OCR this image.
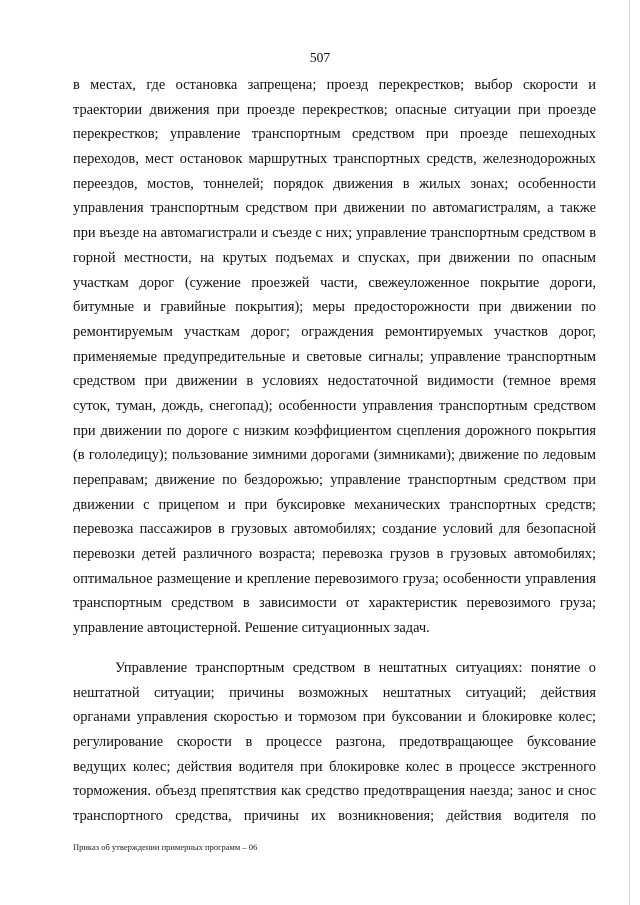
507
в местах, где остановка запрещена; проезд перекрестков; выбор скорости и
траектории движения при проезде перекрестков; опасные ситуации при проезде
перекрестков; управление транспортным средством при проезде пешеходных
переходов, мест остановок маршрутных транспортных средств, железнодорожных
переездов, мостов, тоннелей; порядок движения в жилых зонах; особенности
управления транспортным средством при движении по автомагистралям, а также
при въезде на автомагистрали и съезде с них; управление транспортным средством в
горной местности, на крутых подъемах и спусках, при движении по опасным
участкам дорог (сужение проезжей части, свежеуложенное покрытие дороги,
битумные и гравийные покрытия); меры предосторожности при движении по
ремонтируемым участкам дорог; ограждения ремонтируемых участков дорог,
применяемые предупредительные и световые сигналы; управление транспортным
средством при движении в условиях недостаточной видимости (темное время
суток, туман, дождь, снегопад); особенности управления транспортным средством
при движении по дороге с низким коэффициентом сцепления дорожного покрытия
(в гололедицу); пользование зимними дорогами (зимниками); движение по ледовым
переправам; движение по бездорожью; управление транспортным средством при
движении с прицепом и при буксировке механических транспортных средств;
перевозка пассажиров в грузовых автомобилях; создание условий для безопасной
перевозки детей различного возраста; перевозка грузов в грузовых автомобилях;
оптимальное размещение и крепление перевозимого груза; особенности управления
транспортным средством в зависимости от характеристик перевозимого груза;
управление автоцистерной. Решение ситуационных задач.
Управление транспортным средством в нештатных ситуациях: понятие о
нештатной ситуации; причины возможных нештатных ситуаций; действия
органами управления скоростью и тормозом при буксовании и блокировке колес;
регулирование скорости в процессе разгона, предотвращающее буксование
ведущих колес; действия водителя при блокировке колес в процессе экстренного
торможения. объезд препятствия как средство предотвращения наезда; занос и снос
транспортного средства, причины их возникновения; действия водителя по
Приказ об утверждении примерных программ – 06
